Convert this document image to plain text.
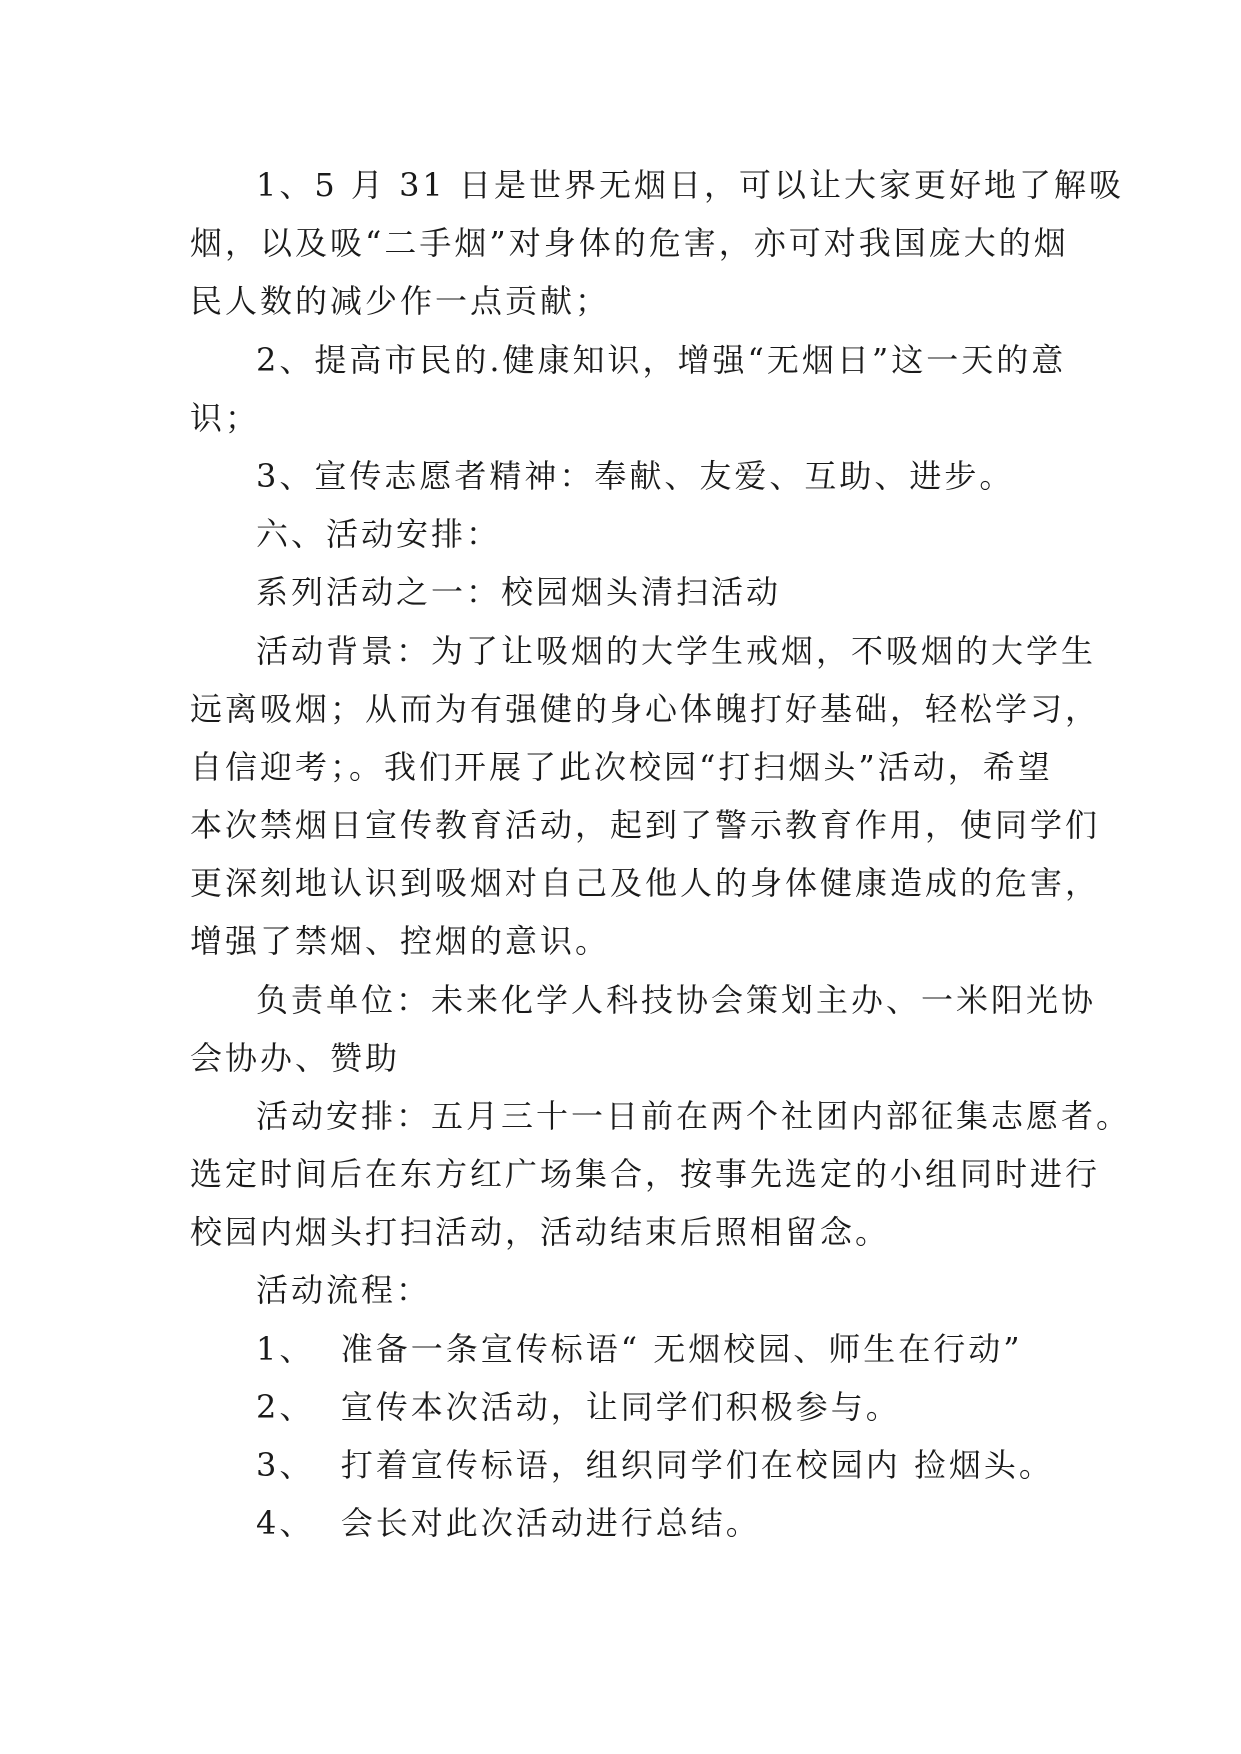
1、5 月 31 日是世界无烟日，可以让大家更好地了解吸
烟，以及吸“二手烟”对身体的危害，亦可对我国庞大的烟
民人数的减少作一点贡献；
2、提高市民的.健康知识，增强“无烟日”这一天的意
识；
3、宣传志愿者精神：奉献、友爱、互助、进步。
六、活动安排：
系列活动之一：校园烟头清扫活动
活动背景：为了让吸烟的大学生戒烟，不吸烟的大学生
远离吸烟；从而为有强健的身心体魄打好基础，轻松学习，
自信迎考；。我们开展了此次校园“打扫烟头”活动，希望
本次禁烟日宣传教育活动，起到了警示教育作用，使同学们
更深刻地认识到吸烟对自己及他人的身体健康造成的危害，
增强了禁烟、控烟的意识。
负责单位：未来化学人科技协会策划主办、一米阳光协
会协办、赞助
活动安排：五月三十一日前在两个社团内部征集志愿者。
选定时间后在东方红广场集合，按事先选定的小组同时进行
校园内烟头打扫活动，活动结束后照相留念。
活动流程：
1、  准备一条宣传标语“ 无烟校园、师生在行动”
2、  宣传本次活动，让同学们积极参与。
3、  打着宣传标语，组织同学们在校园内 捡烟头。
4、  会长对此次活动进行总结。
